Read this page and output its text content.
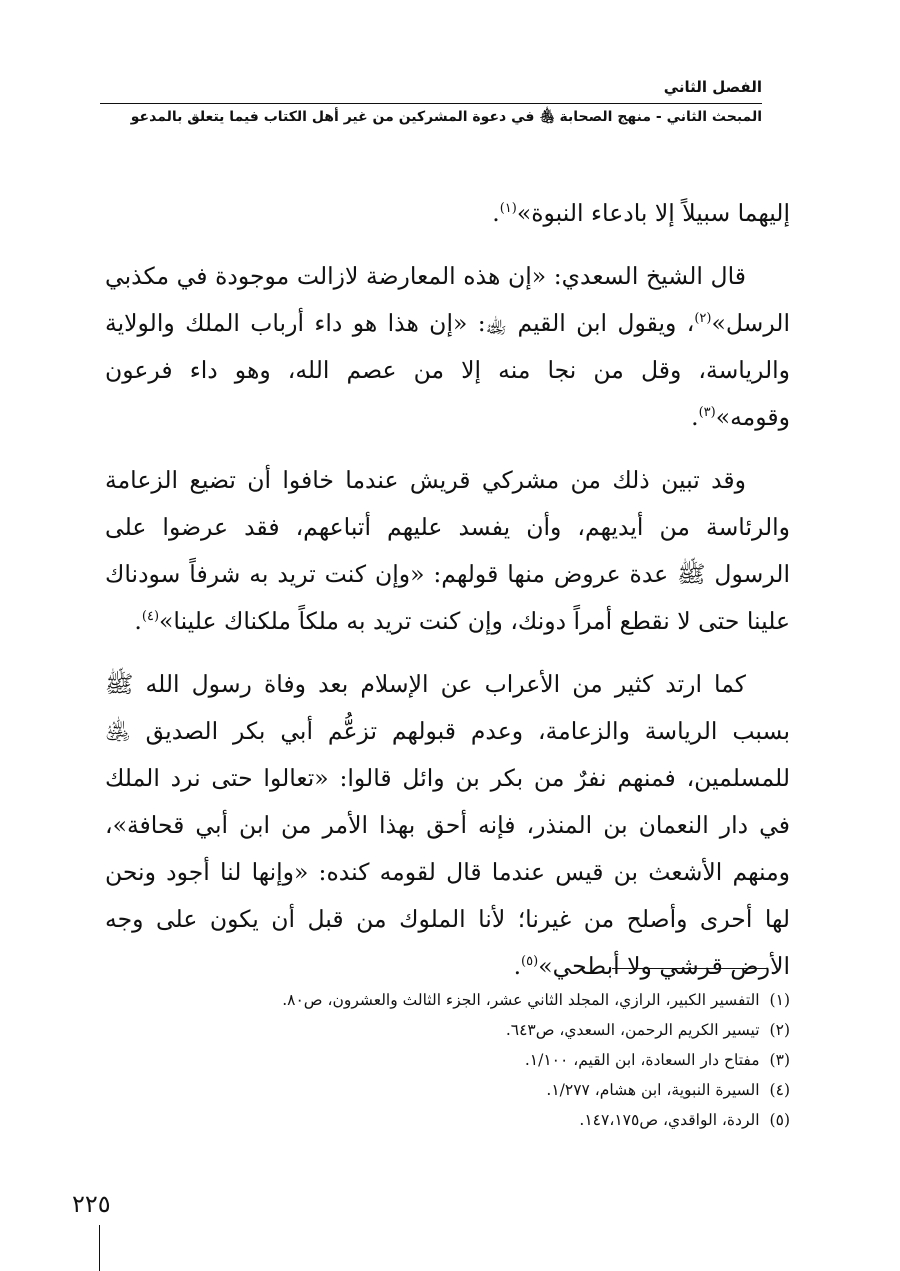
الفصل الثاني
المبحث الثاني - منهج الصحابة ﵃ في دعوة المشركين من غير أهل الكتاب فيما يتعلق بالمدعو

إليهما سبيلاً إلا بادعاء النبوة»$^{(١)}$.

قال الشيخ السعدي: «إن هذه المعارضة لازالت موجودة في مكذبي الرسل»$^{(٢)}$، ويقول ابن القيم ﵀: «إن هذا هو داء أرباب الملك والولاية والرياسة، وقل من نجا منه إلا من عصم الله، وهو داء فرعون وقومه»$^{(٣)}$.

وقد تبين ذلك من مشركي قريش عندما خافوا أن تضيع الزعامة والرئاسة من أيديهم، وأن يفسد عليهم أتباعهم، فقد عرضوا على الرسول ﷺ عدة عروض منها قولهم: «وإن كنت تريد به شرفاً سودناك علينا حتى لا نقطع أمراً دونك، وإن كنت تريد به ملكاً ملكناك علينا»$^{(٤)}$.

كما ارتد كثير من الأعراب عن الإسلام بعد وفاة رسول الله ﷺ بسبب الرياسة والزعامة، وعدم قبولهم تزعُّم أبي بكر الصديق ﵁ للمسلمين، فمنهم نفرٌ من بكر بن وائل قالوا: «تعالوا حتى نرد الملك في دار النعمان بن المنذر، فإنه أحق بهذا الأمر من ابن أبي قحافة»، ومنهم الأشعث بن قيس عندما قال لقومه كنده: «وإنها لنا أجود ونحن لها أحرى وأصلح من غيرنا؛ لأنا الملوك من قبل أن يكون على وجه الأرض قرشي ولا أبطحي»$^{(٥)}$.

(١)التفسير الكبير، الرازي، المجلد الثاني عشر، الجزء الثالث والعشرون، ص٨٠.
(٢)تيسير الكريم الرحمن، السعدي، ص٦٤٣.
(٣)مفتاح دار السعادة، ابن القيم، ١/١٠٠.
(٤)السيرة النبوية، ابن هشام، ١/٢٧٧.
(٥)الردة، الواقدي، ص١٤٧،١٧٥.
٢٢٥
